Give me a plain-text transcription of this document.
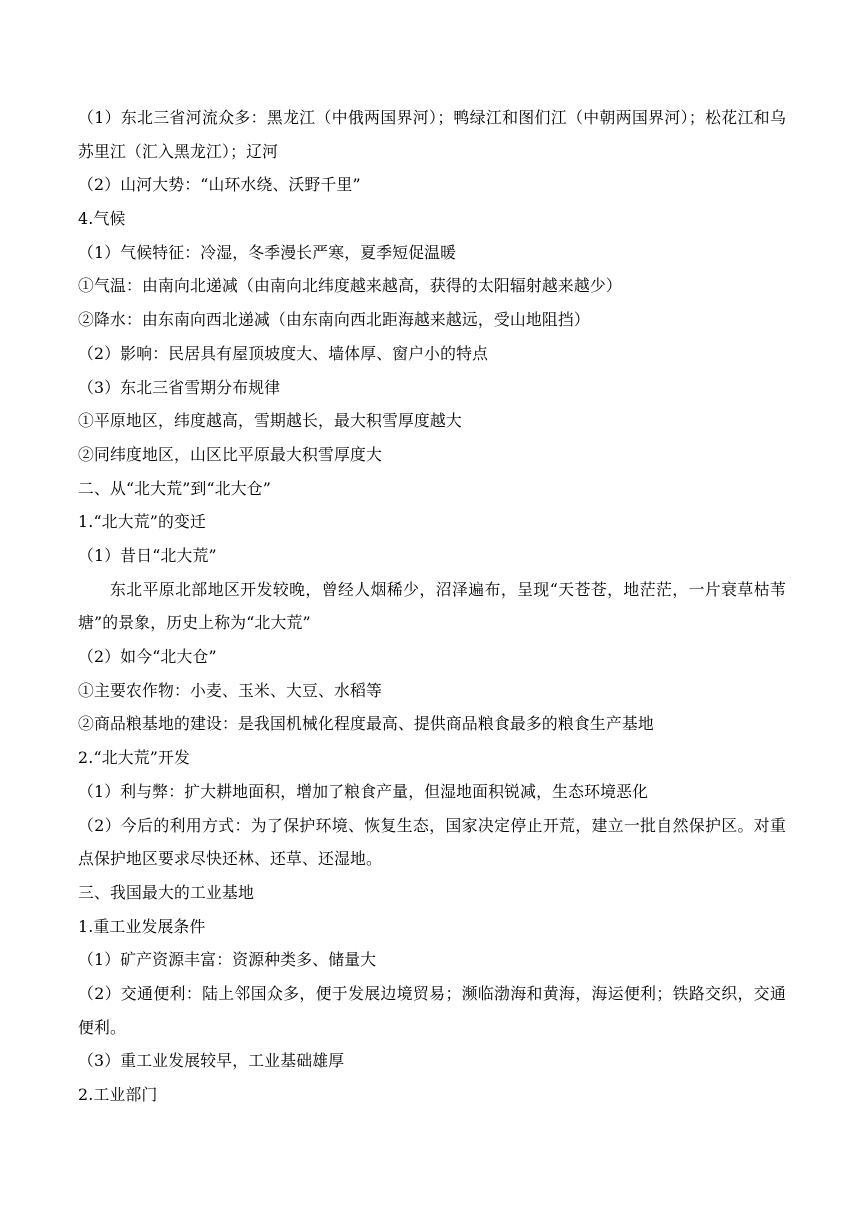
（1）东北三省河流众多：黑龙江（中俄两国界河）；鸭绿江和图们江（中朝两国界河）；松花江和乌苏里江（汇入黑龙江）；辽河
（2）山河大势：“山环水绕、沃野千里”
4.气候
（1）气候特征：冷湿，冬季漫长严寒，夏季短促温暖
①气温：由南向北递减（由南向北纬度越来越高，获得的太阳辐射越来越少）
②降水：由东南向西北递减（由东南向西北距海越来越远，受山地阻挡）
（2）影响：民居具有屋顶坡度大、墙体厚、窗户小的特点
（3）东北三省雪期分布规律
①平原地区，纬度越高，雪期越长，最大积雪厚度越大
②同纬度地区，山区比平原最大积雪厚度大
二、从“北大荒”到“北大仓”
1.“北大荒”的变迁
（1）昔日“北大荒”
东北平原北部地区开发较晚，曾经人烟稀少，沼泽遍布，呈现“天苍苍，地茫茫，一片衰草枯苇塘”的景象，历史上称为“北大荒”
（2）如今“北大仓”
①主要农作物：小麦、玉米、大豆、水稻等
②商品粮基地的建设：是我国机械化程度最高、提供商品粮食最多的粮食生产基地
2.“北大荒”开发
（1）利与弊：扩大耕地面积，增加了粮食产量，但湿地面积锐减，生态环境恶化
（2）今后的利用方式：为了保护环境、恢复生态，国家决定停止开荒，建立一批自然保护区。对重点保护地区要求尽快还林、还草、还湿地。
三、我国最大的工业基地
1.重工业发展条件
（1）矿产资源丰富：资源种类多、储量大
（2）交通便利：陆上邻国众多，便于发展边境贸易；濒临渤海和黄海，海运便利；铁路交织，交通便利。
（3）重工业发展较早，工业基础雄厚
2.工业部门
